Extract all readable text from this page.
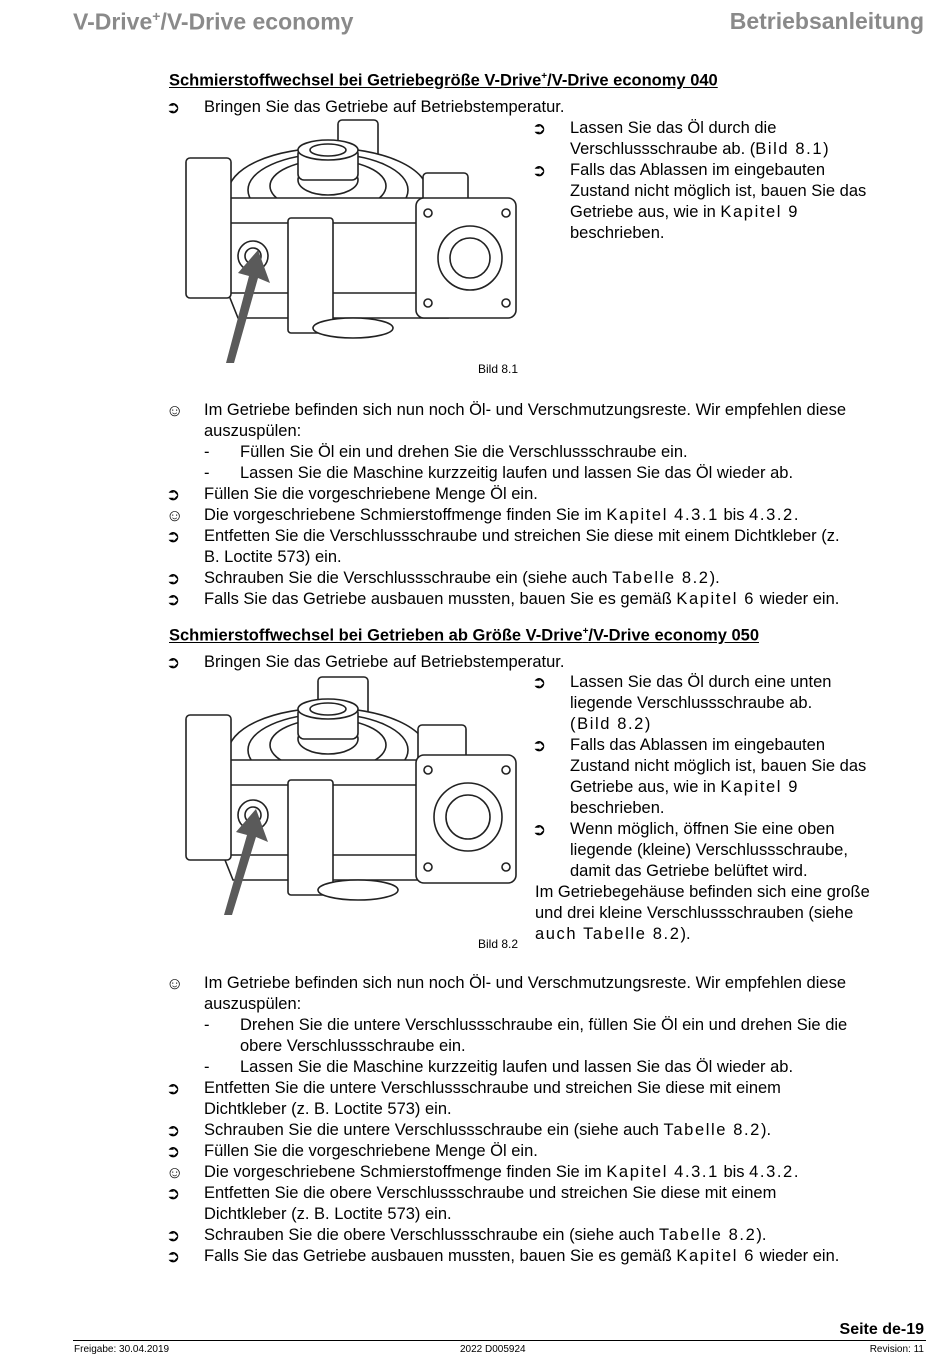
V-Drive+/V-Drive economy	Betriebsanleitung
Schmierstoffwechsel bei Getriebegröße V-Drive+/V-Drive economy 040
➲	Bringen Sie das Getriebe auf Betriebstemperatur.
Bild 8.1
➲ Lassen Sie das Öl durch die
Verschlussschraube ab. (Bild 8.1)
➲ Falls das Ablassen im eingebauten
Zustand nicht möglich ist, bauen Sie das
Getriebe aus, wie in Kapitel 9
beschrieben.
☺	Im Getriebe befinden sich nun noch Öl- und Verschmutzungsreste. Wir empfehlen diese
auszuspülen:
- Füllen Sie Öl ein und drehen Sie die Verschlussschraube ein.
- Lassen Sie die Maschine kurzzeitig laufen und lassen Sie das Öl wieder ab.
➲	Füllen Sie die vorgeschriebene Menge Öl ein.
☺	Die vorgeschriebene Schmierstoffmenge finden Sie im Kapitel 4.3.1 bis 4.3.2.
➲	Entfetten Sie die Verschlussschraube und streichen Sie diese mit einem Dichtkleber (z.
B. Loctite 573) ein.
➲	Schrauben Sie die Verschlussschraube ein (siehe auch Tabelle 8.2).
➲	Falls Sie das Getriebe ausbauen mussten, bauen Sie es gemäß Kapitel 6 wieder ein.
Schmierstoffwechsel bei Getrieben ab Größe V-Drive+/V-Drive economy 050
➲	Bringen Sie das Getriebe auf Betriebstemperatur.
Bild 8.2
➲ Lassen Sie das Öl durch eine unten
liegende Verschlussschraube ab.
(Bild 8.2)
➲ Falls das Ablassen im eingebauten
Zustand nicht möglich ist, bauen Sie das
Getriebe aus, wie in Kapitel 9
beschrieben.
➲ Wenn möglich, öffnen Sie eine oben
liegende (kleine) Verschlussschraube,
damit das Getriebe belüftet wird.
Im Getriebegehäuse befinden sich eine große
und drei kleine Verschlussschrauben (siehe
auch Tabelle 8.2).
☺	Im Getriebe befinden sich nun noch Öl- und Verschmutzungsreste. Wir empfehlen diese
auszuspülen:
- Drehen Sie die untere Verschlussschraube ein, füllen Sie Öl ein und drehen Sie die
obere Verschlussschraube ein.
- Lassen Sie die Maschine kurzzeitig laufen und lassen Sie das Öl wieder ab.
➲	Entfetten Sie die untere Verschlussschraube und streichen Sie diese mit einem
Dichtkleber (z. B. Loctite 573) ein.
➲	Schrauben Sie die untere Verschlussschraube ein (siehe auch Tabelle 8.2).
➲	Füllen Sie die vorgeschriebene Menge Öl ein.
☺	Die vorgeschriebene Schmierstoffmenge finden Sie im Kapitel 4.3.1 bis 4.3.2.
➲	Entfetten Sie die obere Verschlussschraube und streichen Sie diese mit einem
Dichtkleber (z. B. Loctite 573) ein.
➲	Schrauben Sie die obere Verschlussschraube ein (siehe auch Tabelle 8.2).
➲	Falls Sie das Getriebe ausbauen mussten, bauen Sie es gemäß Kapitel 6 wieder ein.
Seite de-19
Freigabe: 30.04.2019	2022 D005924	Revision: 11
